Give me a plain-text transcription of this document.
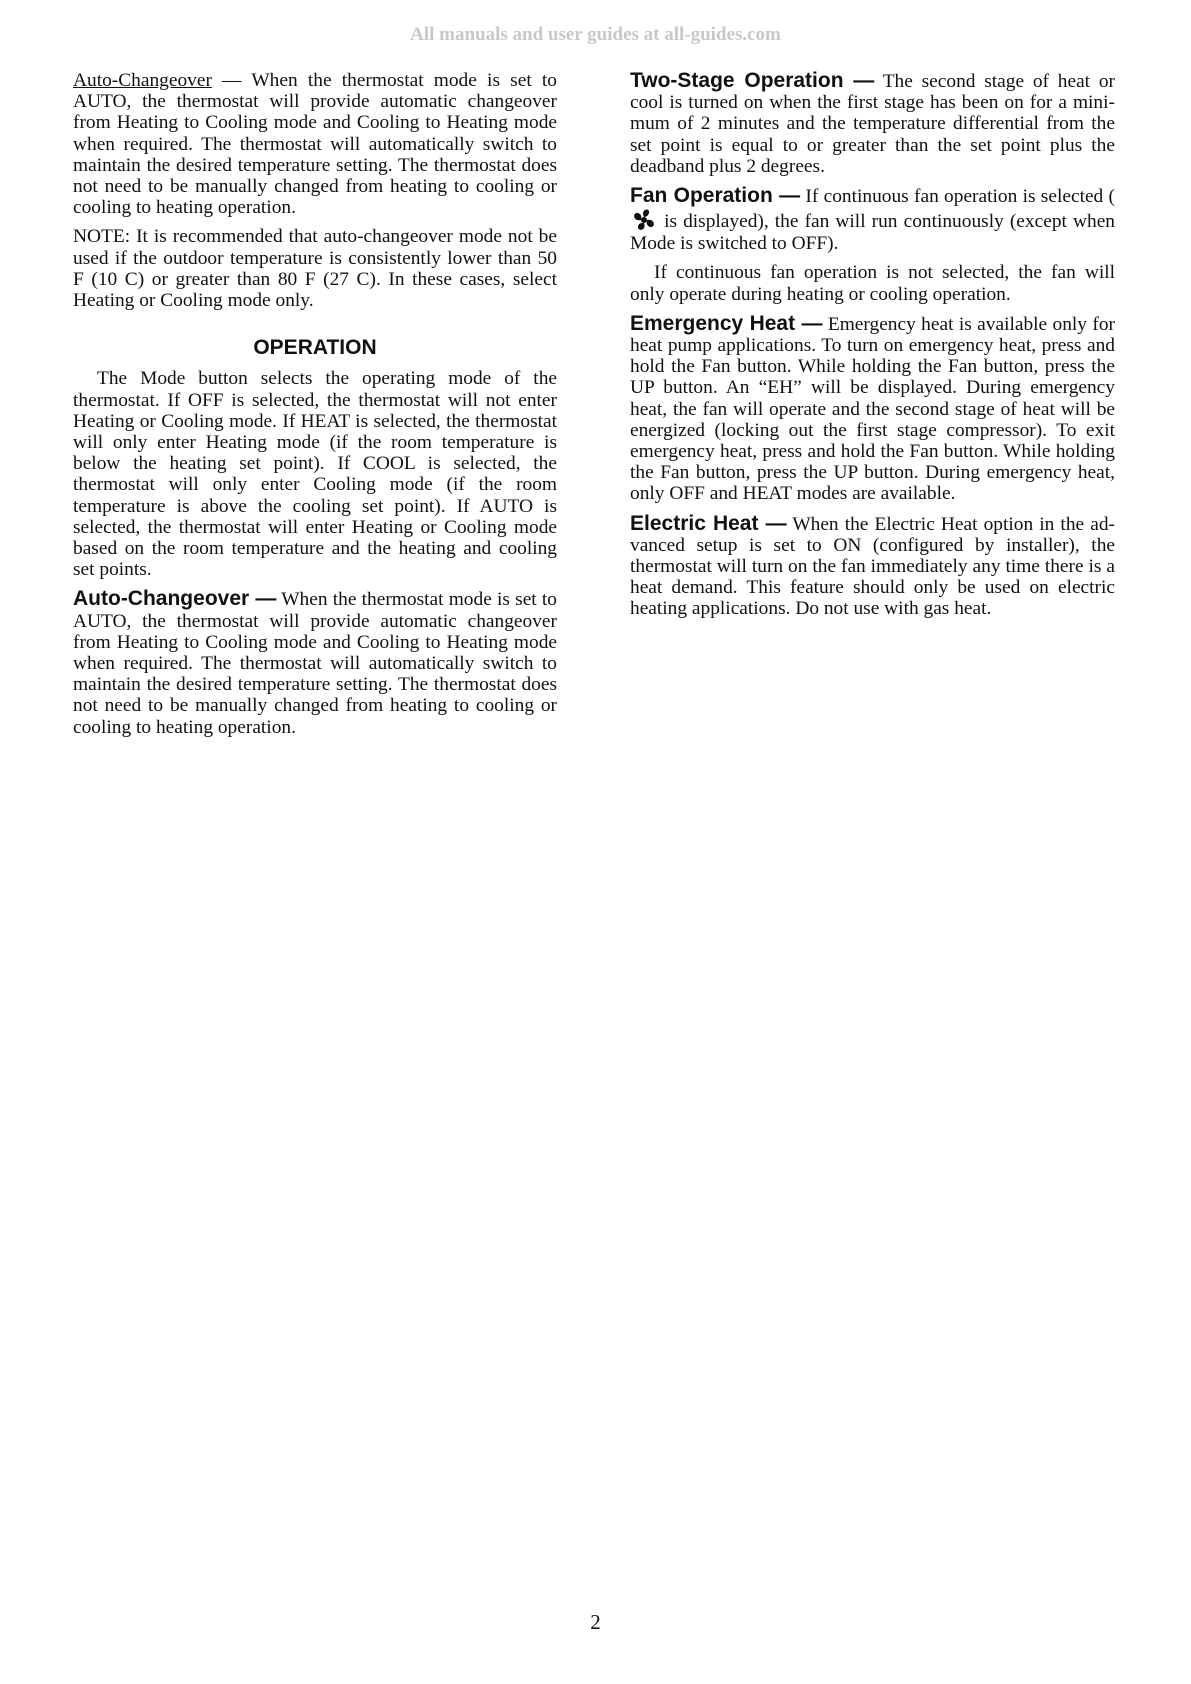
All manuals and user guides at all-guides.com

Auto-Changeover — When the thermostat mode is set to AUTO, the thermostat will provide automatic changeover from Heating to Cooling mode and Cooling to Heating mode when required. The thermostat will automatically switch to maintain the desired temperature setting. The thermostat does not need to be manually changed from heating to cooling or cooling to heating operation.

NOTE: It is recommended that auto-changeover mode not be used if the outdoor temperature is consistently lower than 50 F (10 C) or greater than 80 F (27 C). In these cases, select Heating or Cooling mode only.

OPERATION

The Mode button selects the operating mode of the thermostat. If OFF is selected, the thermostat will not enter Heating or Cooling mode. If HEAT is selected, the thermostat will only enter Heating mode (if the room temperature is below the heating set point). If COOL is selected, the thermostat will only enter Cooling mode (if the room temperature is above the cooling set point). If AUTO is selected, the thermostat will enter Heating or Cooling mode based on the room temperature and the heating and cooling set points.

Auto-Changeover — When the thermostat mode is set to AUTO, the thermostat will provide automatic changeover from Heating to Cooling mode and Cooling to Heating mode when required. The thermostat will automatically switch to maintain the desired temperature setting. The thermostat does not need to be manually changed from heating to cooling or cooling to heating operation.

Two-Stage Operation — The second stage of heat or cool is turned on when the first stage has been on for a minimum of 2 minutes and the temperature differential from the set point is equal to or greater than the set point plus the deadband plus 2 degrees.

Fan Operation — If continuous fan operation is selected ( is displayed), the fan will run continuously (except when Mode is switched to OFF).

If continuous fan operation is not selected, the fan will only operate during heating or cooling operation.

Emergency Heat — Emergency heat is available only for heat pump applications. To turn on emergency heat, press and hold the Fan button. While holding the Fan button, press the UP button. An “EH” will be displayed. During emergency heat, the fan will operate and the second stage of heat will be energized (locking out the first stage compressor). To exit emergency heat, press and hold the Fan button. While holding the Fan button, press the UP button. During emergency heat, only OFF and HEAT modes are available.

Electric Heat — When the Electric Heat option in the advanced setup is set to ON (configured by installer), the thermostat will turn on the fan immediately any time there is a heat demand. This feature should only be used on electric heating applications. Do not use with gas heat.

2
